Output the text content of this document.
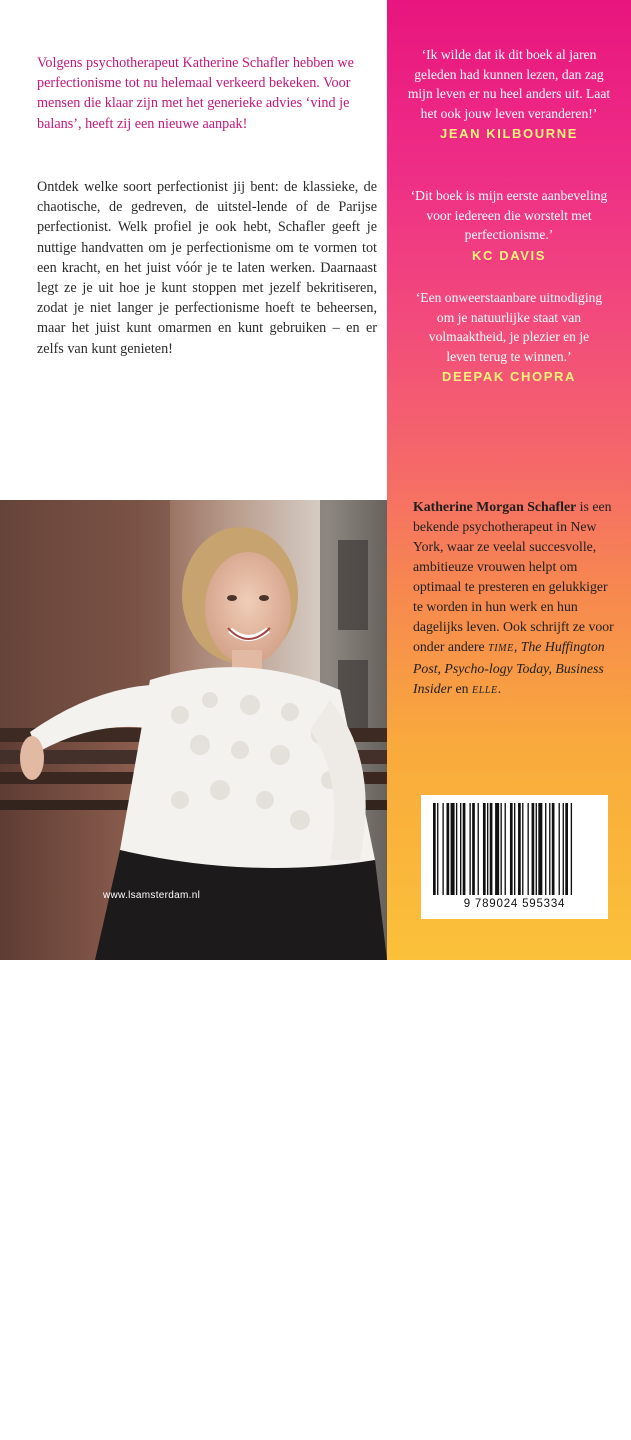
Volgens psychotherapeut Katherine Schafler hebben we perfectionisme tot nu helemaal verkeerd bekeken. Voor mensen die klaar zijn met het generieke advies ‘vind je balans’, heeft zij een nieuwe aanpak!

Ontdek welke soort perfectionist jij bent: de klassieke, de chaotische, de gedreven, de uitstel-lende of de Parijse perfectionist. Welk profiel je ook hebt, Schafler geeft je nuttige handvatten om je perfectionisme om te vormen tot een kracht, en het juist vóór je te laten werken. Daarnaast legt ze je uit hoe je kunt stoppen met jezelf bekritiseren, zodat je niet langer je perfectionisme hoeft te beheersen, maar het juist kunt omarmen en kunt gebruiken – en er zelfs van kunt genieten!

s
www.lsamsterdam.nl

‘Ik wilde dat ik dit boek al jaren geleden had kunnen lezen, dan zag mijn leven er nu heel anders uit. Laat het ook jouw leven veranderen!’

JEAN KILBOURNE

‘Dit boek is mijn eerste aanbeveling voor iedereen die worstelt met perfectionisme.’

KC DAVIS

‘Een onweerstaanbare uitnodiging om je natuurlijke staat van volmaaktheid, je plezier en je leven terug te winnen.’

DEEPAK CHOPRA

Katherine Morgan Schafler is een bekende psychotherapeut in New York, waar ze veelal succesvolle, ambitieuze vrouwen helpt om optimaal te presteren en gelukkiger te worden in hun werk en hun dagelijks leven. Ook schrijft ze voor onder andere TIME, The Huffington Post, Psycho-logy Today, Business Insider en ELLE.

9 789024 595334
